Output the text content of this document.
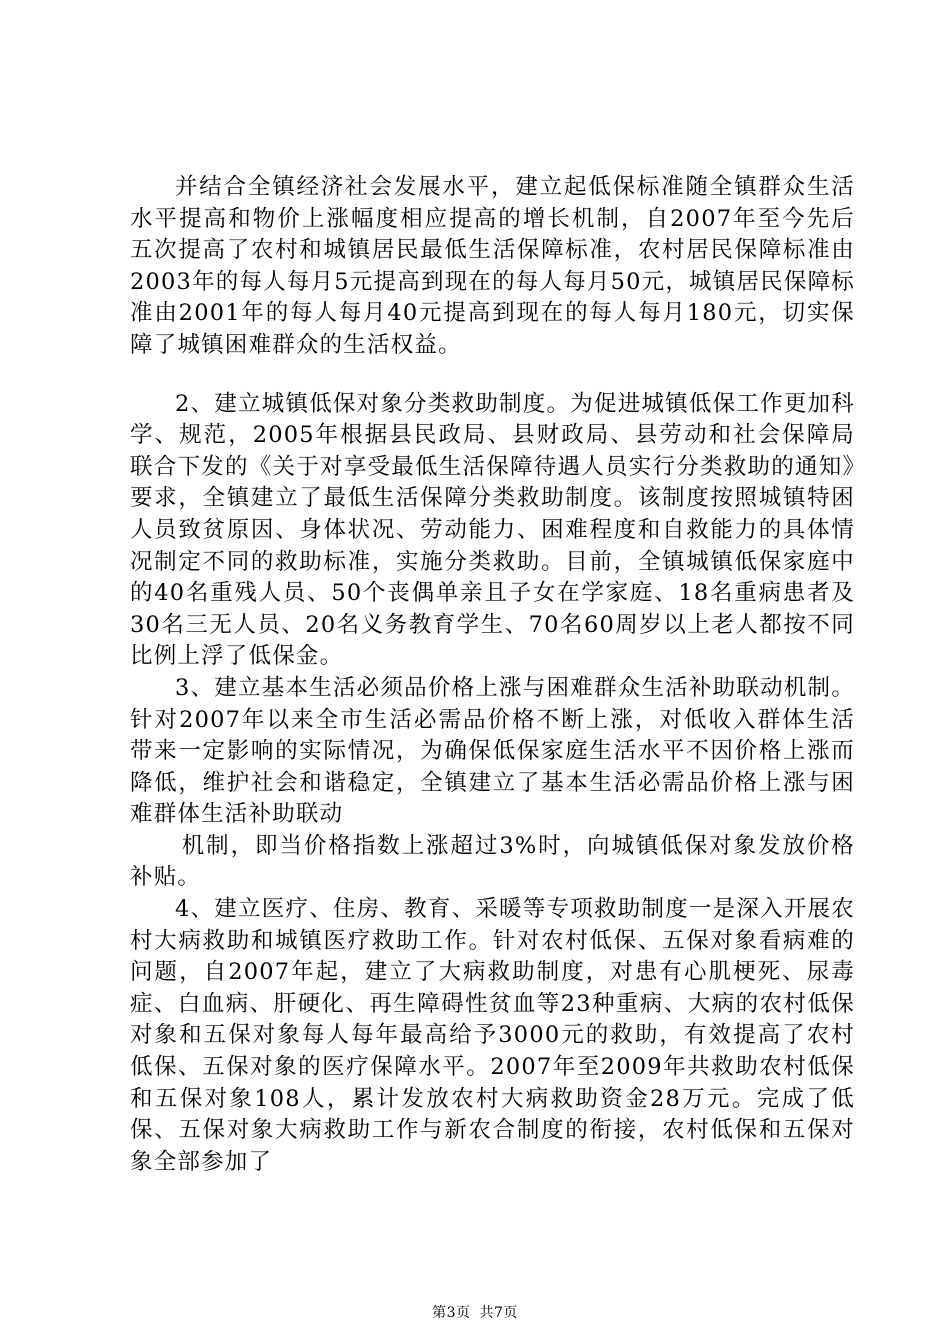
并结合全镇经济社会发展水平，建立起低保标准随全镇群众生活水平提高和物价上涨幅度相应提高的增长机制，自2007年至今先后五次提高了农村和城镇居民最低生活保障标准，农村居民保障标准由2003年的每人每月5元提高到现在的每人每月50元，城镇居民保障标准由2001年的每人每月40元提高到现在的每人每月180元，切实保障了城镇困难群众的生活权益。

2、建立城镇低保对象分类救助制度。为促进城镇低保工作更加科学、规范，2005年根据县民政局、县财政局、县劳动和社会保障局联合下发的《关于对享受最低生活保障待遇人员实行分类救助的通知》要求，全镇建立了最低生活保障分类救助制度。该制度按照城镇特困人员致贫原因、身体状况、劳动能力、困难程度和自救能力的具体情况制定不同的救助标准，实施分类救助。目前，全镇城镇低保家庭中的40名重残人员、50个丧偶单亲且子女在学家庭、18名重病患者及30名三无人员、20名义务教育学生、70名60周岁以上老人都按不同比例上浮了低保金。

3、建立基本生活必须品价格上涨与困难群众生活补助联动机制。针对2007年以来全市生活必需品价格不断上涨，对低收入群体生活带来一定影响的实际情况，为确保低保家庭生活水平不因价格上涨而降低，维护社会和谐稳定，全镇建立了基本生活必需品价格上涨与困难群体生活补助联动

机制，即当价格指数上涨超过3%时，向城镇低保对象发放价格补贴。

4、建立医疗、住房、教育、采暖等专项救助制度一是深入开展农村大病救助和城镇医疗救助工作。针对农村低保、五保对象看病难的问题，自2007年起，建立了大病救助制度，对患有心肌梗死、尿毒症、白血病、肝硬化、再生障碍性贫血等23种重病、大病的农村低保对象和五保对象每人每年最高给予3000元的救助，有效提高了农村低保、五保对象的医疗保障水平。2007年至2009年共救助农村低保和五保对象108人，累计发放农村大病救助资金28万元。完成了低保、五保对象大病救助工作与新农合制度的衔接，农村低保和五保对象全部参加了

第3页 共7页
